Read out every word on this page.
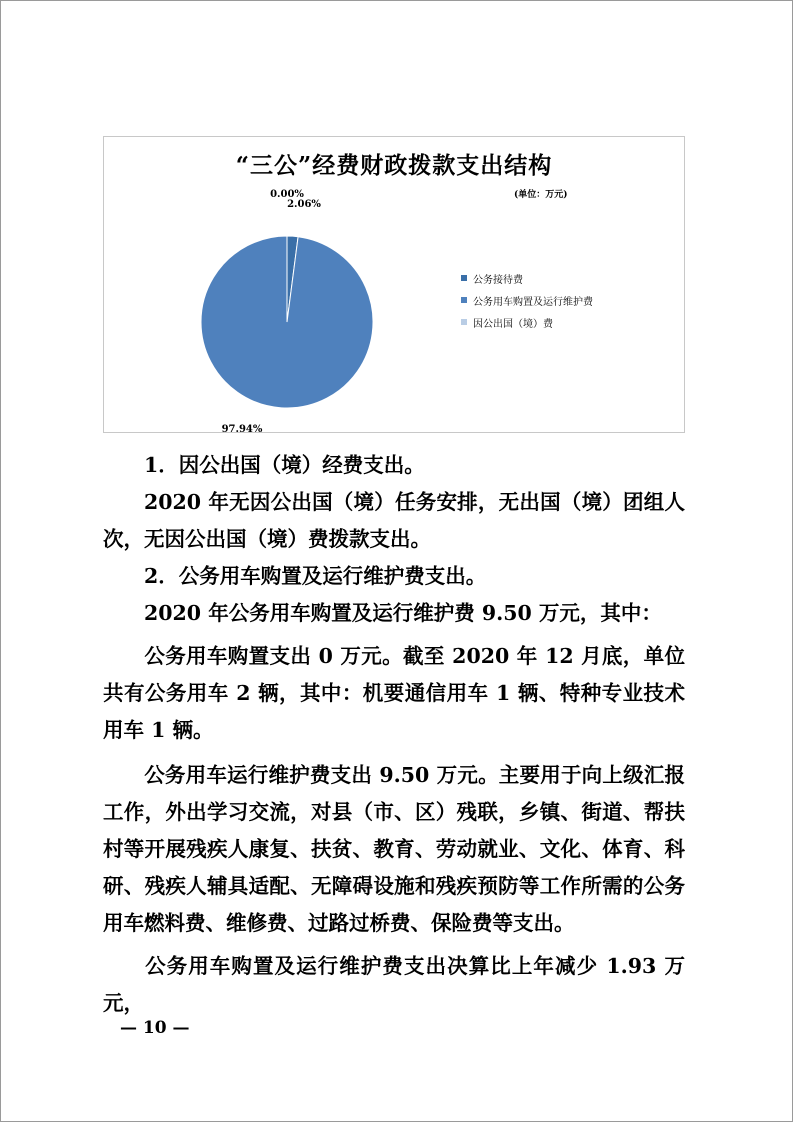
“三公”经费财政拨款支出结构
(单位：万元)
2.06%
97.94%
0.00%
公务接待费
公务用车购置及运行维护费
因公出国（境）费
1．因公出国（境）经费支出。
2020 年无因公出国（境）任务安排，无出国（境）团组人次，无因公出国（境）费拨款支出。
2．公务用车购置及运行维护费支出。
2020 年公务用车购置及运行维护费 9.50 万元，其中：
公务用车购置支出 0 万元。截至 2020 年 12 月底，单位共有公务用车 2 辆，其中：机要通信用车 1 辆、特种专业技术用车 1 辆。
公务用车运行维护费支出 9.50 万元。主要用于向上级汇报工作，外出学习交流，对县（市、区）残联，乡镇、街道、帮扶村等开展残疾人康复、扶贫、教育、劳动就业、文化、体育、科研、残疾人辅具适配、无障碍设施和残疾预防等工作所需的公务用车燃料费、维修费、过路过桥费、保险费等支出。
公务用车购置及运行维护费支出决算比上年减少 1.93 万元，
— 10 —
